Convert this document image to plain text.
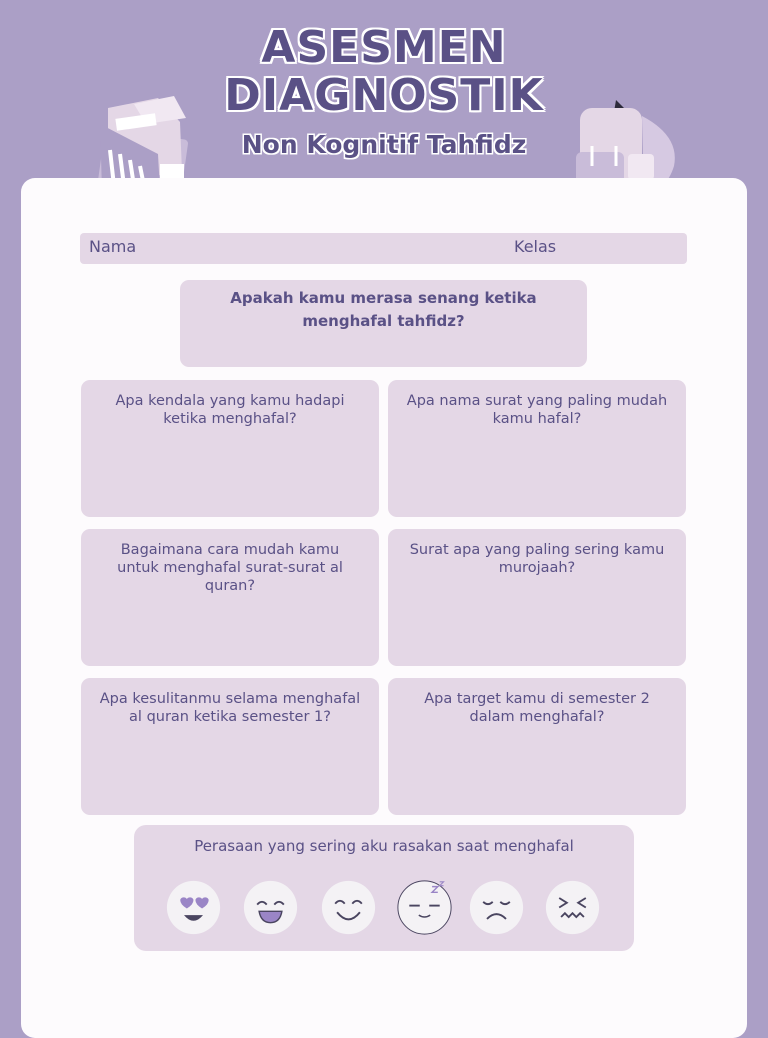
ASESMEN
DIAGNOSTIK
Non Kognitif Tahfidz
Nama	Kelas
Apakah kamu merasa senang ketika menghafal tahfidz?
Apa kendala yang kamu hadapi ketika menghafal?
Apa nama surat yang paling mudah kamu hafal?
Bagaimana cara mudah kamu untuk menghafal surat-surat al quran?
Surat apa yang paling sering kamu murojaah?
Apa kesulitanmu selama menghafal al quran ketika semester 1?
Apa target kamu di semester 2 dalam menghafal?
Perasaan yang sering aku rasakan saat menghafal
